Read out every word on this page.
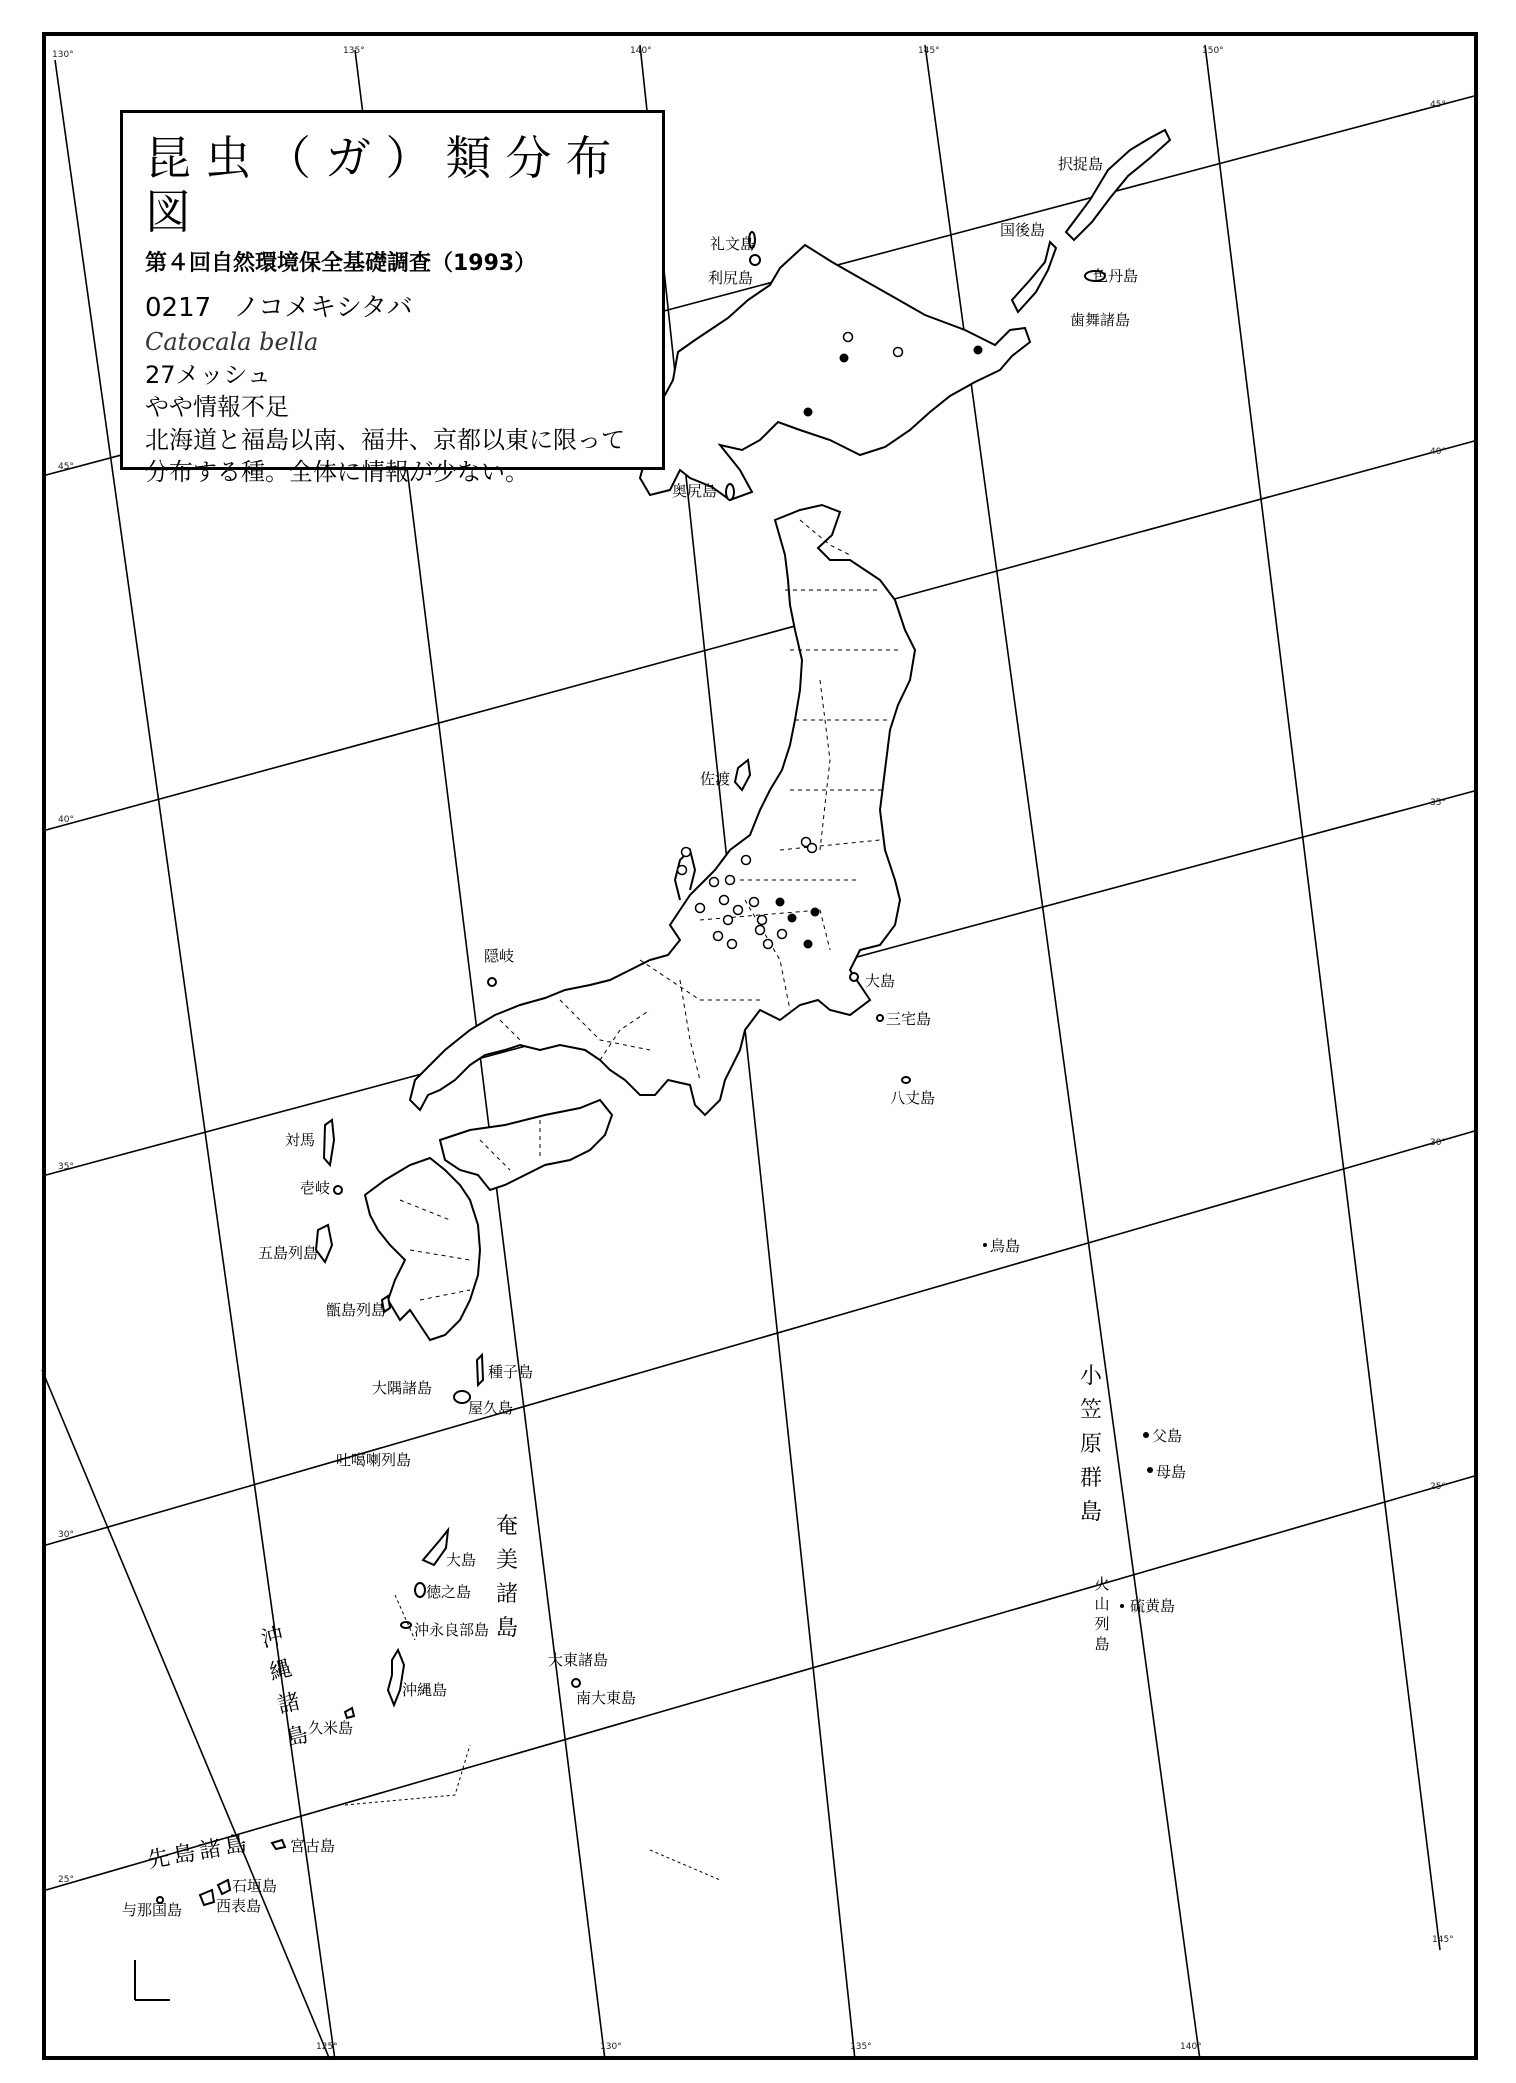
130°	135°	140°	145°	150°
45°
45°
40°
40°
35°
35°
30°
30°
25°
25°
125°	130°	135°	140°
145°
昆虫（ガ）類分布図
第４回自然環境保全基礎調査（1993）
0217 ノコメキシタバ
Catocala bella
27メッシュ
やや情報不足
北海道と福島以南、福井、京都以東に限って
分布する種。全体に情報が少ない。
択捉島
国後島
色丹島
歯舞諸島
礼文島
利尻島
奥尻島
佐渡
隠岐
大島
三宅島
八丈島
鳥島
対馬
壱岐
五島列島
甑島列島
種子島
大隅諸島
屋久島
吐噶喇列島
大島
徳之島
沖永良部島
沖縄島
久米島
大東諸島
南大東島
父島
母島
硫黄島
宮古島
石垣島
西表島
与那国島
小笠原群島
奄美諸島
沖縄諸島
火山列島
先島諸島
